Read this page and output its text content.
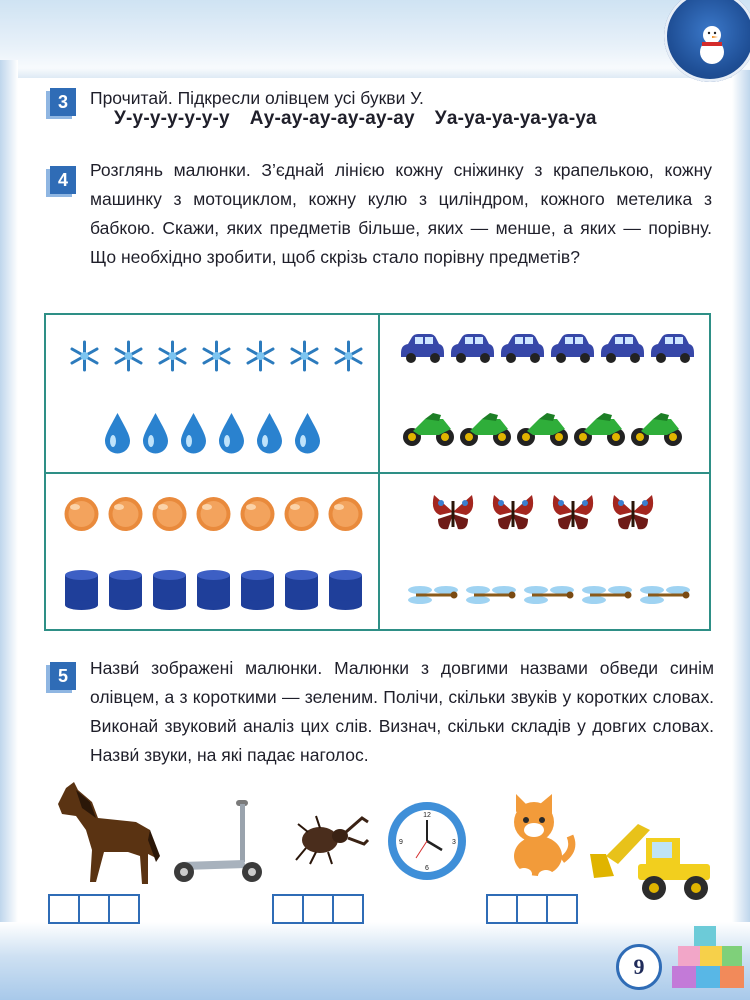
3	Прочитай. Підкресли олівцем усі букви У.
У-у-у-у-у-у-у Ау-ау-ау-ау-ау-ау Уа-уа-уа-уа-уа-уа
4	Розглянь малюнки. З’єднай лінією кожну сніжинку з крапелькою, кожну машинку з мотоциклом, кожну кулю з циліндром, кожного метелика з бабкою. Скажи, яких предметів більше, яких — менше, а яких — порівну. Що необхідно зробити, щоб скрізь стало порівну предметів?
5	Назви́ зображені малюнки. Малюнки з довгими назвами обведи синім олівцем, а з короткими — зеленим. Полічи, скільки звуків у коротких словах. Виконай звуковий аналіз цих слів. Визнач, скільки складів у довгих словах. Назви́ звуки, на які падає наголос.
12
3
6
9
9
